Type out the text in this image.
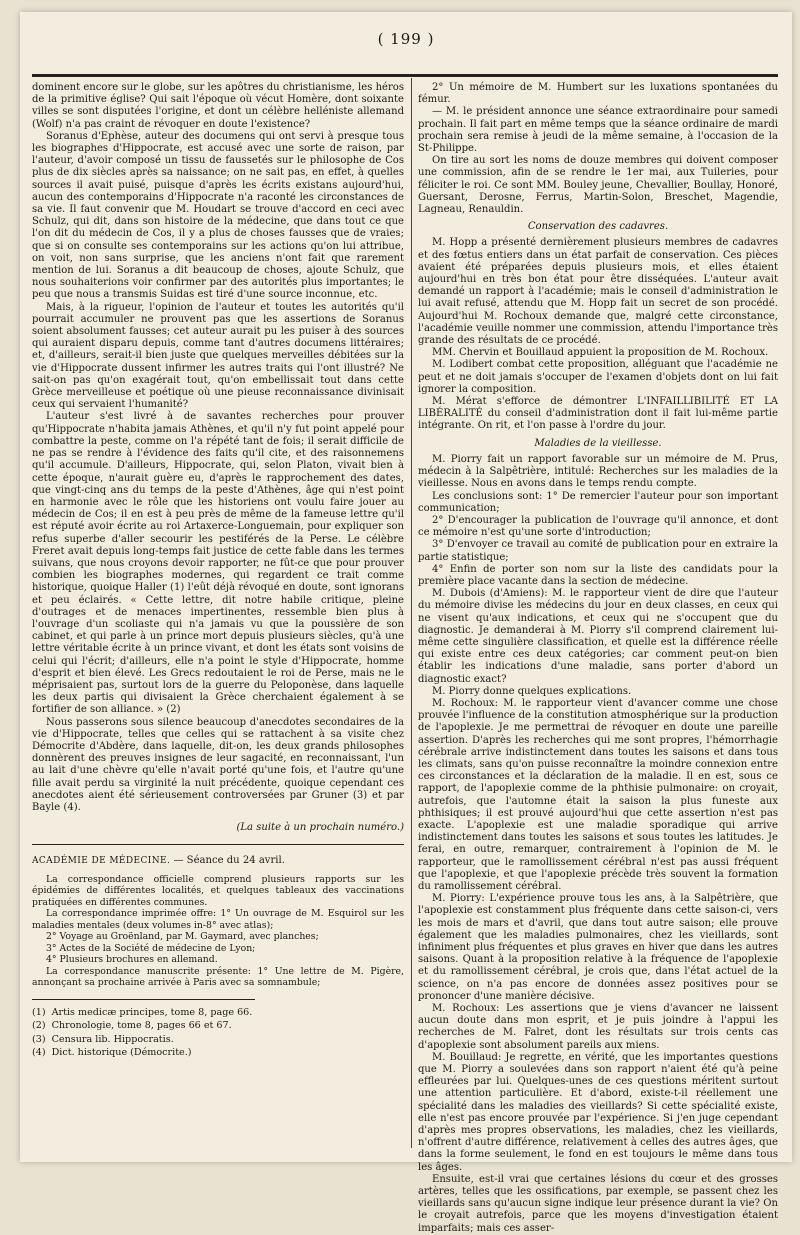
( 199 )

dominent encore sur le globe, sur les apôtres du christianisme, les héros de la primitive église? Qui sait l'époque où vécut Homère, dont soixante villes se sont disputées l'origine, et dont un célèbre helléniste allemand (Wolf) n'a pas craint de révoquer en doute l'existence?

Soranus d'Ephèse, auteur des documens qui ont servi à presque tous les biographes d'Hippocrate, est accusé avec une sorte de raison, par l'auteur, d'avoir composé un tissu de faussetés sur le philosophe de Cos plus de dix siècles après sa naissance; on ne sait pas, en effet, à quelles sources il avait puisé, puisque d'après les écrits existans aujourd'hui, aucun des contemporains d'Hippocrate n'a raconté les circonstances de sa vie. Il faut convenir que M. Houdart se trouve d'accord en ceci avec Schulz, qui dit, dans son histoire de la médecine, que dans tout ce que l'on dit du médecin de Cos, il y a plus de choses fausses que de vraies; que si on consulte ses contemporains sur les actions qu'on lui attribue, on voit, non sans surprise, que les anciens n'ont fait que rarement mention de lui. Soranus a dit beaucoup de choses, ajoute Schulz, que nous souhaiterions voir confirmer par des autorités plus importantes; le peu que nous a transmis Suidas est tiré d'une source inconnue, etc.

Mais, à la rigueur, l'opinion de l'auteur et toutes les autorités qu'il pourrait accumuler ne prouvent pas que les assertions de Soranus soient absolument fausses; cet auteur aurait pu les puiser à des sources qui auraient disparu depuis, comme tant d'autres documens littéraires; et, d'ailleurs, serait-il bien juste que quelques merveilles débitées sur la vie d'Hippocrate dussent infirmer les autres traits qui l'ont illustré? Ne sait-on pas qu'on exagérait tout, qu'on embellissait tout dans cette Grèce merveilleuse et poétique où une pieuse reconnaissance divinisait ceux qui servaient l'humanité?

L'auteur s'est livré à de savantes recherches pour prouver qu'Hippocrate n'habita jamais Athènes, et qu'il n'y fut point appelé pour combattre la peste, comme on l'a répété tant de fois; il serait difficile de ne pas se rendre à l'évidence des faits qu'il cite, et des raisonnemens qu'il accumule. D'ailleurs, Hippocrate, qui, selon Platon, vivait bien à cette époque, n'aurait guère eu, d'après le rapprochement des dates, que vingt-cinq ans du temps de la peste d'Athènes, âge qui n'est point en harmonie avec le rôle que les historiens ont voulu faire jouer au médecin de Cos; il en est à peu près de même de la fameuse lettre qu'il est réputé avoir écrite au roi Artaxerce-Longuemain, pour expliquer son refus superbe d'aller secourir les pestiférés de la Perse. Le célèbre Freret avait depuis long-temps fait justice de cette fable dans les termes suivans, que nous croyons devoir rapporter, ne fût-ce que pour prouver combien les biographes modernes, qui regardent ce trait comme historique, quoique Haller (1) l'eût déjà révoqué en doute, sont ignorans et peu éclairés. « Cette lettre, dit notre habile critique, pleine d'outrages et de menaces impertinentes, ressemble bien plus à l'ouvrage d'un scoliaste qui n'a jamais vu que la poussière de son cabinet, et qui parle à un prince mort depuis plusieurs siècles, qu'à une lettre véritable écrite à un prince vivant, et dont les états sont voisins de celui qui l'écrit; d'ailleurs, elle n'a point le style d'Hippocrate, homme d'esprit et bien élevé. Les Grecs redoutaient le roi de Perse, mais ne le méprisaient pas, surtout lors de la guerre du Peloponèse, dans laquelle les deux partis qui divisaient la Grèce cherchaient également à se fortifier de son alliance. » (2)

Nous passerons sous silence beaucoup d'anecdotes secondaires de la vie d'Hippocrate, telles que celles qui se rattachent à sa visite chez Démocrite d'Abdère, dans laquelle, dit-on, les deux grands philosophes donnèrent des preuves insignes de leur sagacité, en reconnaissant, l'un au lait d'une chèvre qu'elle n'avait porté qu'une fois, et l'autre qu'une fille avait perdu sa virginité la nuit précédente, quoique cependant ces anecdotes aient été sérieusement controversées par Gruner (3) et par Bayle (4).

(La suite à un prochain numéro.)

ACADÉMIE DE MÉDECINE. — Séance du 24 avril.

La correspondance officielle comprend plusieurs rapports sur les épidémies de différentes localités, et quelques tableaux des vaccinations pratiquées en différentes communes.

La correspondance imprimée offre: 1° Un ouvrage de M. Esquirol sur les maladies mentales (deux volumes in-8° avec atlas);

2° Voyage au Groënland, par M. Gaymard, avec planches;

3° Actes de la Société de médecine de Lyon;

4° Plusieurs brochures en allemand.

La correspondance manuscrite présente: 1° Une lettre de M. Pigère, annonçant sa prochaine arrivée à Paris avec sa somnambule;

(1) Artis medicæ principes, tome 8, page 66.

(2) Chronologie, tome 8, pages 66 et 67.

(3) Censura lib. Hippocratis.

(4) Dict. historique (Démocrite.)

2° Un mémoire de M. Humbert sur les luxations spontanées du fémur.

— M. le président annonce une séance extraordinaire pour samedi prochain. Il fait part en même temps que la séance ordinaire de mardi prochain sera remise à jeudi de la même semaine, à l'occasion de la St-Philippe.

On tire au sort les noms de douze membres qui doivent composer une commission, afin de se rendre le 1er mai, aux Tuileries, pour féliciter le roi. Ce sont MM. Bouley jeune, Chevallier, Boullay, Honoré, Guersant, Derosne, Ferrus, Martin-Solon, Breschet, Magendie, Lagneau, Renauldin.

Conservation des cadavres.

M. Hopp a présenté dernièrement plusieurs membres de cadavres et des fœtus entiers dans un état parfait de conservation. Ces pièces avaient été préparées depuis plusieurs mois, et elles étaient aujourd'hui en très bon état pour être disséquées. L'auteur avait demandé un rapport à l'académie; mais le conseil d'administration le lui avait refusé, attendu que M. Hopp fait un secret de son procédé. Aujourd'hui M. Rochoux demande que, malgré cette circonstance, l'académie veuille nommer une commission, attendu l'importance très grande des résultats de ce procédé.

MM. Chervin et Bouillaud appuient la proposition de M. Rochoux.

M. Lodibert combat cette proposition, alléguant que l'académie ne peut et ne doit jamais s'occuper de l'examen d'objets dont on lui fait ignorer la composition.

M. Mérat s'efforce de démontrer L'INFAILLIBILITÉ ET LA LIBÉRALITÉ du conseil d'administration dont il fait lui-même partie intégrante. On rit, et l'on passe à l'ordre du jour.

Maladies de la vieillesse.

M. Piorry fait un rapport favorable sur un mémoire de M. Prus, médecin à la Salpêtrière, intitulé: Recherches sur les maladies de la vieillesse. Nous en avons dans le temps rendu compte.

Les conclusions sont: 1° De remercier l'auteur pour son important communication;

2° D'encourager la publication de l'ouvrage qu'il annonce, et dont ce mémoire n'est qu'une sorte d'introduction;

3° D'envoyer ce travail au comité de publication pour en extraire la partie statistique;

4° Enfin de porter son nom sur la liste des candidats pour la première place vacante dans la section de médecine.

M. Dubois (d'Amiens): M. le rapporteur vient de dire que l'auteur du mémoire divise les médecins du jour en deux classes, en ceux qui ne visent qu'aux indications, et ceux qui ne s'occupent que du diagnostic. Je demanderai à M. Piorry s'il comprend clairement lui-même cette singulière classification, et quelle est la différence réelle qui existe entre ces deux catégories; car comment peut-on bien établir les indications d'une maladie, sans porter d'abord un diagnostic exact?

M. Piorry donne quelques explications.

M. Rochoux: M. le rapporteur vient d'avancer comme une chose prouvée l'influence de la constitution atmosphérique sur la production de l'apoplexie. Je me permettrai de révoquer en doute une pareille assertion. D'après les recherches qui me sont propres, l'hémorrhagie cérébrale arrive indistinctement dans toutes les saisons et dans tous les climats, sans qu'on puisse reconnaître la moindre connexion entre ces circonstances et la déclaration de la maladie. Il en est, sous ce rapport, de l'apoplexie comme de la phthisie pulmonaire: on croyait, autrefois, que l'automne était la saison la plus funeste aux phthisiques; il est prouvé aujourd'hui que cette assertion n'est pas exacte. L'apoplexie est une maladie sporadique qui arrive indistinctement dans toutes les saisons et sous toutes les latitudes. Je ferai, en outre, remarquer, contrairement à l'opinion de M. le rapporteur, que le ramollissement cérébral n'est pas aussi fréquent que l'apoplexie, et que l'apoplexie précède très souvent la formation du ramollissement cérébral.

M. Piorry: L'expérience prouve tous les ans, à la Salpêtrière, que l'apoplexie est constamment plus fréquente dans cette saison-ci, vers les mois de mars et d'avril, que dans tout autre saison; elle prouve également que les maladies pulmonaires, chez les vieillards, sont infiniment plus fréquentes et plus graves en hiver que dans les autres saisons. Quant à la proposition relative à la fréquence de l'apoplexie et du ramollissement cérébral, je crois que, dans l'état actuel de la science, on n'a pas encore de données assez positives pour se prononcer d'une manière décisive.

M. Rochoux: Les assertions que je viens d'avancer ne laissent aucun doute dans mon esprit, et je puis joindre à l'appui les recherches de M. Falret, dont les résultats sur trois cents cas d'apoplexie sont absolument pareils aux miens.

M. Bouillaud: Je regrette, en vérité, que les importantes questions que M. Piorry a soulevées dans son rapport n'aient été qu'à peine effleurées par lui. Quelques-unes de ces questions méritent surtout une attention particulière. Et d'abord, existe-t-il réellement une spécialité dans les maladies des vieillards? Si cette spécialité existe, elle n'est pas encore prouvée par l'expérience. Si j'en juge cependant d'après mes propres observations, les maladies, chez les vieillards, n'offrent d'autre différence, relativement à celles des autres âges, que dans la forme seulement, le fond en est toujours le même dans tous les âges.

Ensuite, est-il vrai que certaines lésions du cœur et des grosses artères, telles que les ossifications, par exemple, se passent chez les vieillards sans qu'aucun signe indique leur présence durant la vie? On le croyait autrefois, parce que les moyens d'investigation étaient imparfaits; mais ces asser-
